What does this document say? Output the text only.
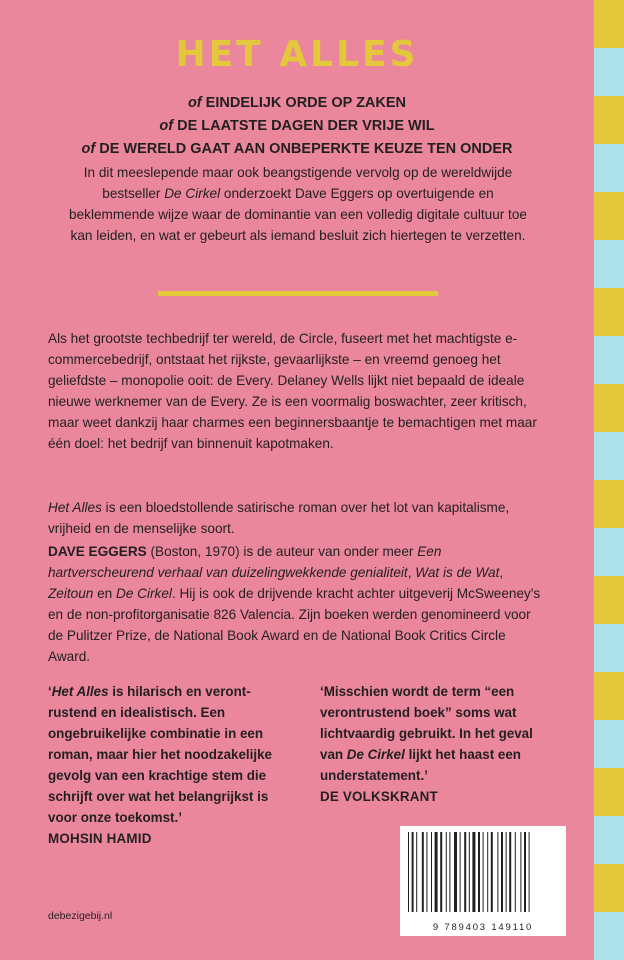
HET ALLES
of EINDELIJK ORDE OP ZAKEN
of DE LAATSTE DAGEN DER VRIJE WIL
of DE WERELD GAAT AAN ONBEPERKTE KEUZE TEN ONDER
In dit meeslepende maar ook beangstigende vervolg op de wereldwijde bestseller De Cirkel onderzoekt Dave Eggers op overtuigende en beklemmende wijze waar de dominantie van een volledig digitale cultuur toe kan leiden, en wat er gebeurt als iemand besluit zich hiertegen te verzetten.

Als het grootste techbedrijf ter wereld, de Circle, fuseert met het machtigste e-commercebedrijf, ontstaat het rijkste, gevaarlijkste – en vreemd genoeg het geliefdste – monopolie ooit: de Every. Delaney Wells lijkt niet bepaald de ideale nieuwe werknemer van de Every. Ze is een voormalig boswachter, zeer kritisch, maar weet dankzij haar charmes een beginnersbaantje te bemachtigen met maar één doel: het bedrijf van binnenuit kapotmaken.

Het Alles is een bloedstollende satirische roman over het lot van kapitalisme, vrijheid en de menselijke soort.

DAVE EGGERS (Boston, 1970) is de auteur van onder meer Een hartverscheurend verhaal van duizelingwekkende genialiteit, Wat is de Wat, Zeitoun en De Cirkel. Hij is ook de drijvende kracht achter uitgeverij McSweeney's en de non-profitorganisatie 826 Valencia. Zijn boeken werden genomineerd voor de Pulitzer Prize, de National Book Award en de National Book Critics Circle Award.

‘Het Alles is hilarisch en veront-rustend en idealistisch. Een ongebruikelijke combinatie in een roman, maar hier het noodzakelijke gevolg van een krachtige stem die schrijft over wat het belangrijkst is voor onze toekomst.’
MOHSIN HAMID
‘Misschien wordt de term “een verontrustend boek” soms wat lichtvaardig gebruikt. In het geval van De Cirkel lijkt het haast een understatement.’
DE VOLKSKRANT
9 789403 149110
debezigebij.nl
